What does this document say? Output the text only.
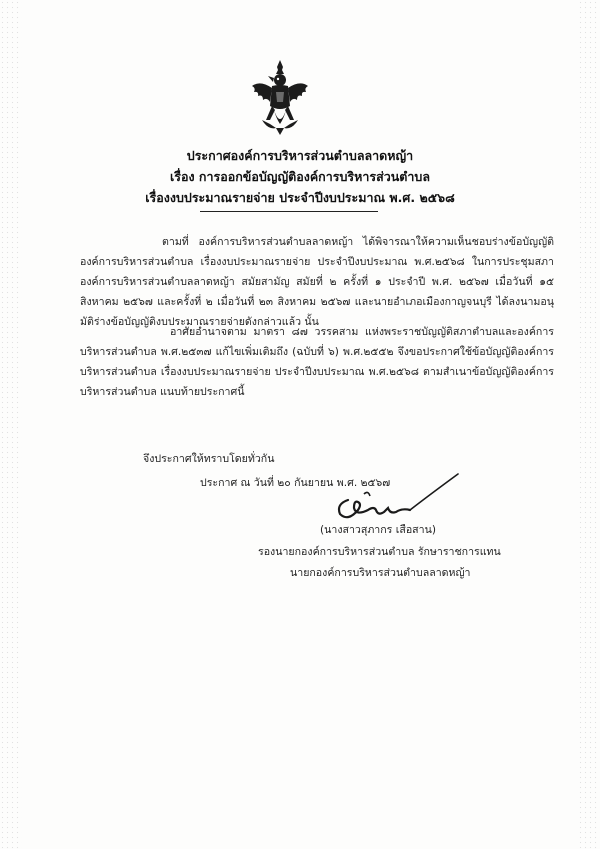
ประกาศองค์การบริหารส่วนตำบลลาดหญ้า
เรื่อง การออกข้อบัญญัติองค์การบริหารส่วนตำบล
เรื่องงบประมาณรายจ่าย ประจำปีงบประมาณ พ.ศ. ๒๕๖๘
ตามที่ องค์การบริหารส่วนตำบลลาดหญ้า ได้พิจารณาให้ความเห็นชอบร่างข้อบัญญัติองค์การบริหารส่วนตำบล เรื่องงบประมาณรายจ่าย ประจำปีงบประมาณ พ.ศ.๒๕๖๘ ในการประชุมสภาองค์การบริหารส่วนตำบลลาดหญ้า สมัยสามัญ สมัยที่ ๒ ครั้งที่ ๑ ประจำปี พ.ศ. ๒๕๖๗ เมื่อวันที่ ๑๕ สิงหาคม ๒๕๖๗ และครั้งที่ ๒ เมื่อวันที่ ๒๓ สิงหาคม ๒๕๖๗ และนายอำเภอเมืองกาญจนบุรี ได้ลงนามอนุมัติร่างข้อบัญญัติงบประมาณรายจ่ายดังกล่าวแล้ว นั้น
อาศัยอำนาจตาม มาตรา ๘๗ วรรคสาม แห่งพระราชบัญญัติสภาตำบลและองค์การบริหารส่วนตำบล พ.ศ.๒๕๓๗ แก้ไขเพิ่มเติมถึง (ฉบับที่ ๖) พ.ศ.๒๕๕๒ จึงขอประกาศใช้ข้อบัญญัติองค์การบริหารส่วนตำบล เรื่องงบประมาณรายจ่าย ประจำปีงบประมาณ พ.ศ.๒๕๖๘ ตามสำเนาข้อบัญญัติองค์การบริหารส่วนตำบล แนบท้ายประกาศนี้
จึงประกาศให้ทราบโดยทั่วกัน
ประกาศ ณ วันที่ ๒๐ กันยายน พ.ศ. ๒๕๖๗
(นางสาวสุภากร เสือสาน)
รองนายกองค์การบริหารส่วนตำบล รักษาราชการแทน
นายกองค์การบริหารส่วนตำบลลาดหญ้า
